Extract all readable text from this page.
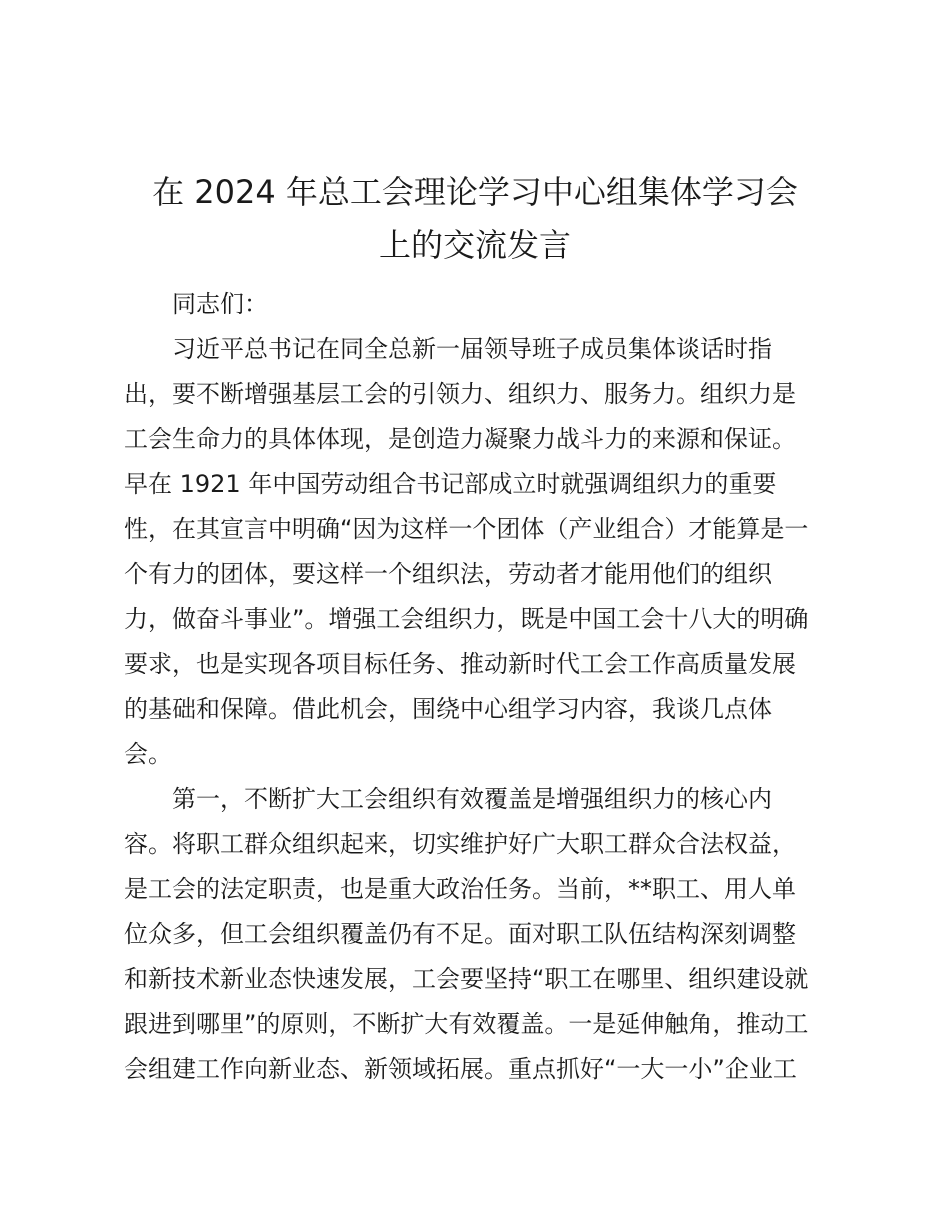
在 2024 年总工会理论学习中心组集体学习会
上的交流发言
同志们：
习近平总书记在同全总新一届领导班子成员集体谈话时指
出，要不断增强基层工会的引领力、组织力、服务力。组织力是
工会生命力的具体体现，是创造力凝聚力战斗力的来源和保证。
早在 1921 年中国劳动组合书记部成立时就强调组织力的重要
性，在其宣言中明确“因为这样一个团体（产业组合）才能算是一
个有力的团体，要这样一个组织法，劳动者才能用他们的组织
力，做奋斗事业”。增强工会组织力，既是中国工会十八大的明确
要求，也是实现各项目标任务、推动新时代工会工作高质量发展
的基础和保障。借此机会，围绕中心组学习内容，我谈几点体
会。
第一，不断扩大工会组织有效覆盖是增强组织力的核心内
容。将职工群众组织起来，切实维护好广大职工群众合法权益，
是工会的法定职责，也是重大政治任务。当前，**职工、用人单
位众多，但工会组织覆盖仍有不足。面对职工队伍结构深刻调整
和新技术新业态快速发展，工会要坚持“职工在哪里、组织建设就
跟进到哪里”的原则，不断扩大有效覆盖。一是延伸触角，推动工
会组建工作向新业态、新领域拓展。重点抓好“一大一小”企业工
